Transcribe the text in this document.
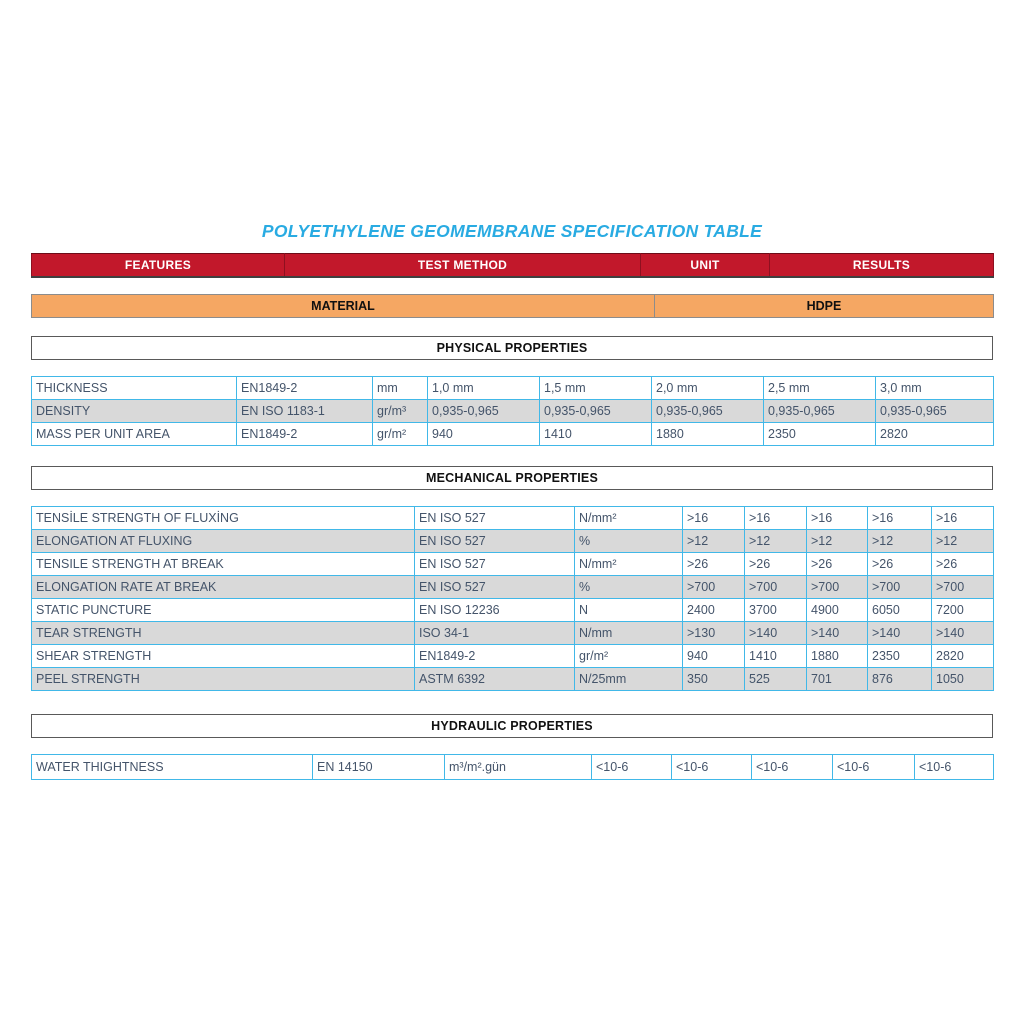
POLYETHYLENE GEOMEMBRANE SPECIFICATION TABLE
FEATURES	TEST METHOD	UNIT	RESULTS
MATERIAL	HDPE
PHYSICAL PROPERTIES
THICKNESS	EN1849-2	mm	1,0 mm	1,5 mm	2,0 mm	2,5 mm	3,0 mm
DENSITY	EN ISO 1183-1	gr/m³	0,935-0,965	0,935-0,965	0,935-0,965	0,935-0,965	0,935-0,965
MASS PER UNIT AREA	EN1849-2	gr/m²	940	1410	1880	2350	2820
MECHANICAL PROPERTIES
TENSİLE STRENGTH OF FLUXİNG	EN ISO 527	N/mm²	>16	>16	>16	>16	>16
ELONGATION AT FLUXING	EN ISO 527	%	>12	>12	>12	>12	>12
TENSILE STRENGTH AT BREAK	EN ISO 527	N/mm²	>26	>26	>26	>26	>26
ELONGATION RATE AT BREAK	EN ISO 527	%	>700	>700	>700	>700	>700
STATIC PUNCTURE	EN ISO 12236	N	2400	3700	4900	6050	7200
TEAR STRENGTH	ISO 34-1	N/mm	>130	>140	>140	>140	>140
SHEAR STRENGTH	EN1849-2	gr/m²	940	1410	1880	2350	2820
PEEL STRENGTH	ASTM 6392	N/25mm	350	525	701	876	1050
HYDRAULIC PROPERTIES
WATER THIGHTNESS	EN 14150	m³/m².gün	<10-6	<10-6	<10-6	<10-6	<10-6
